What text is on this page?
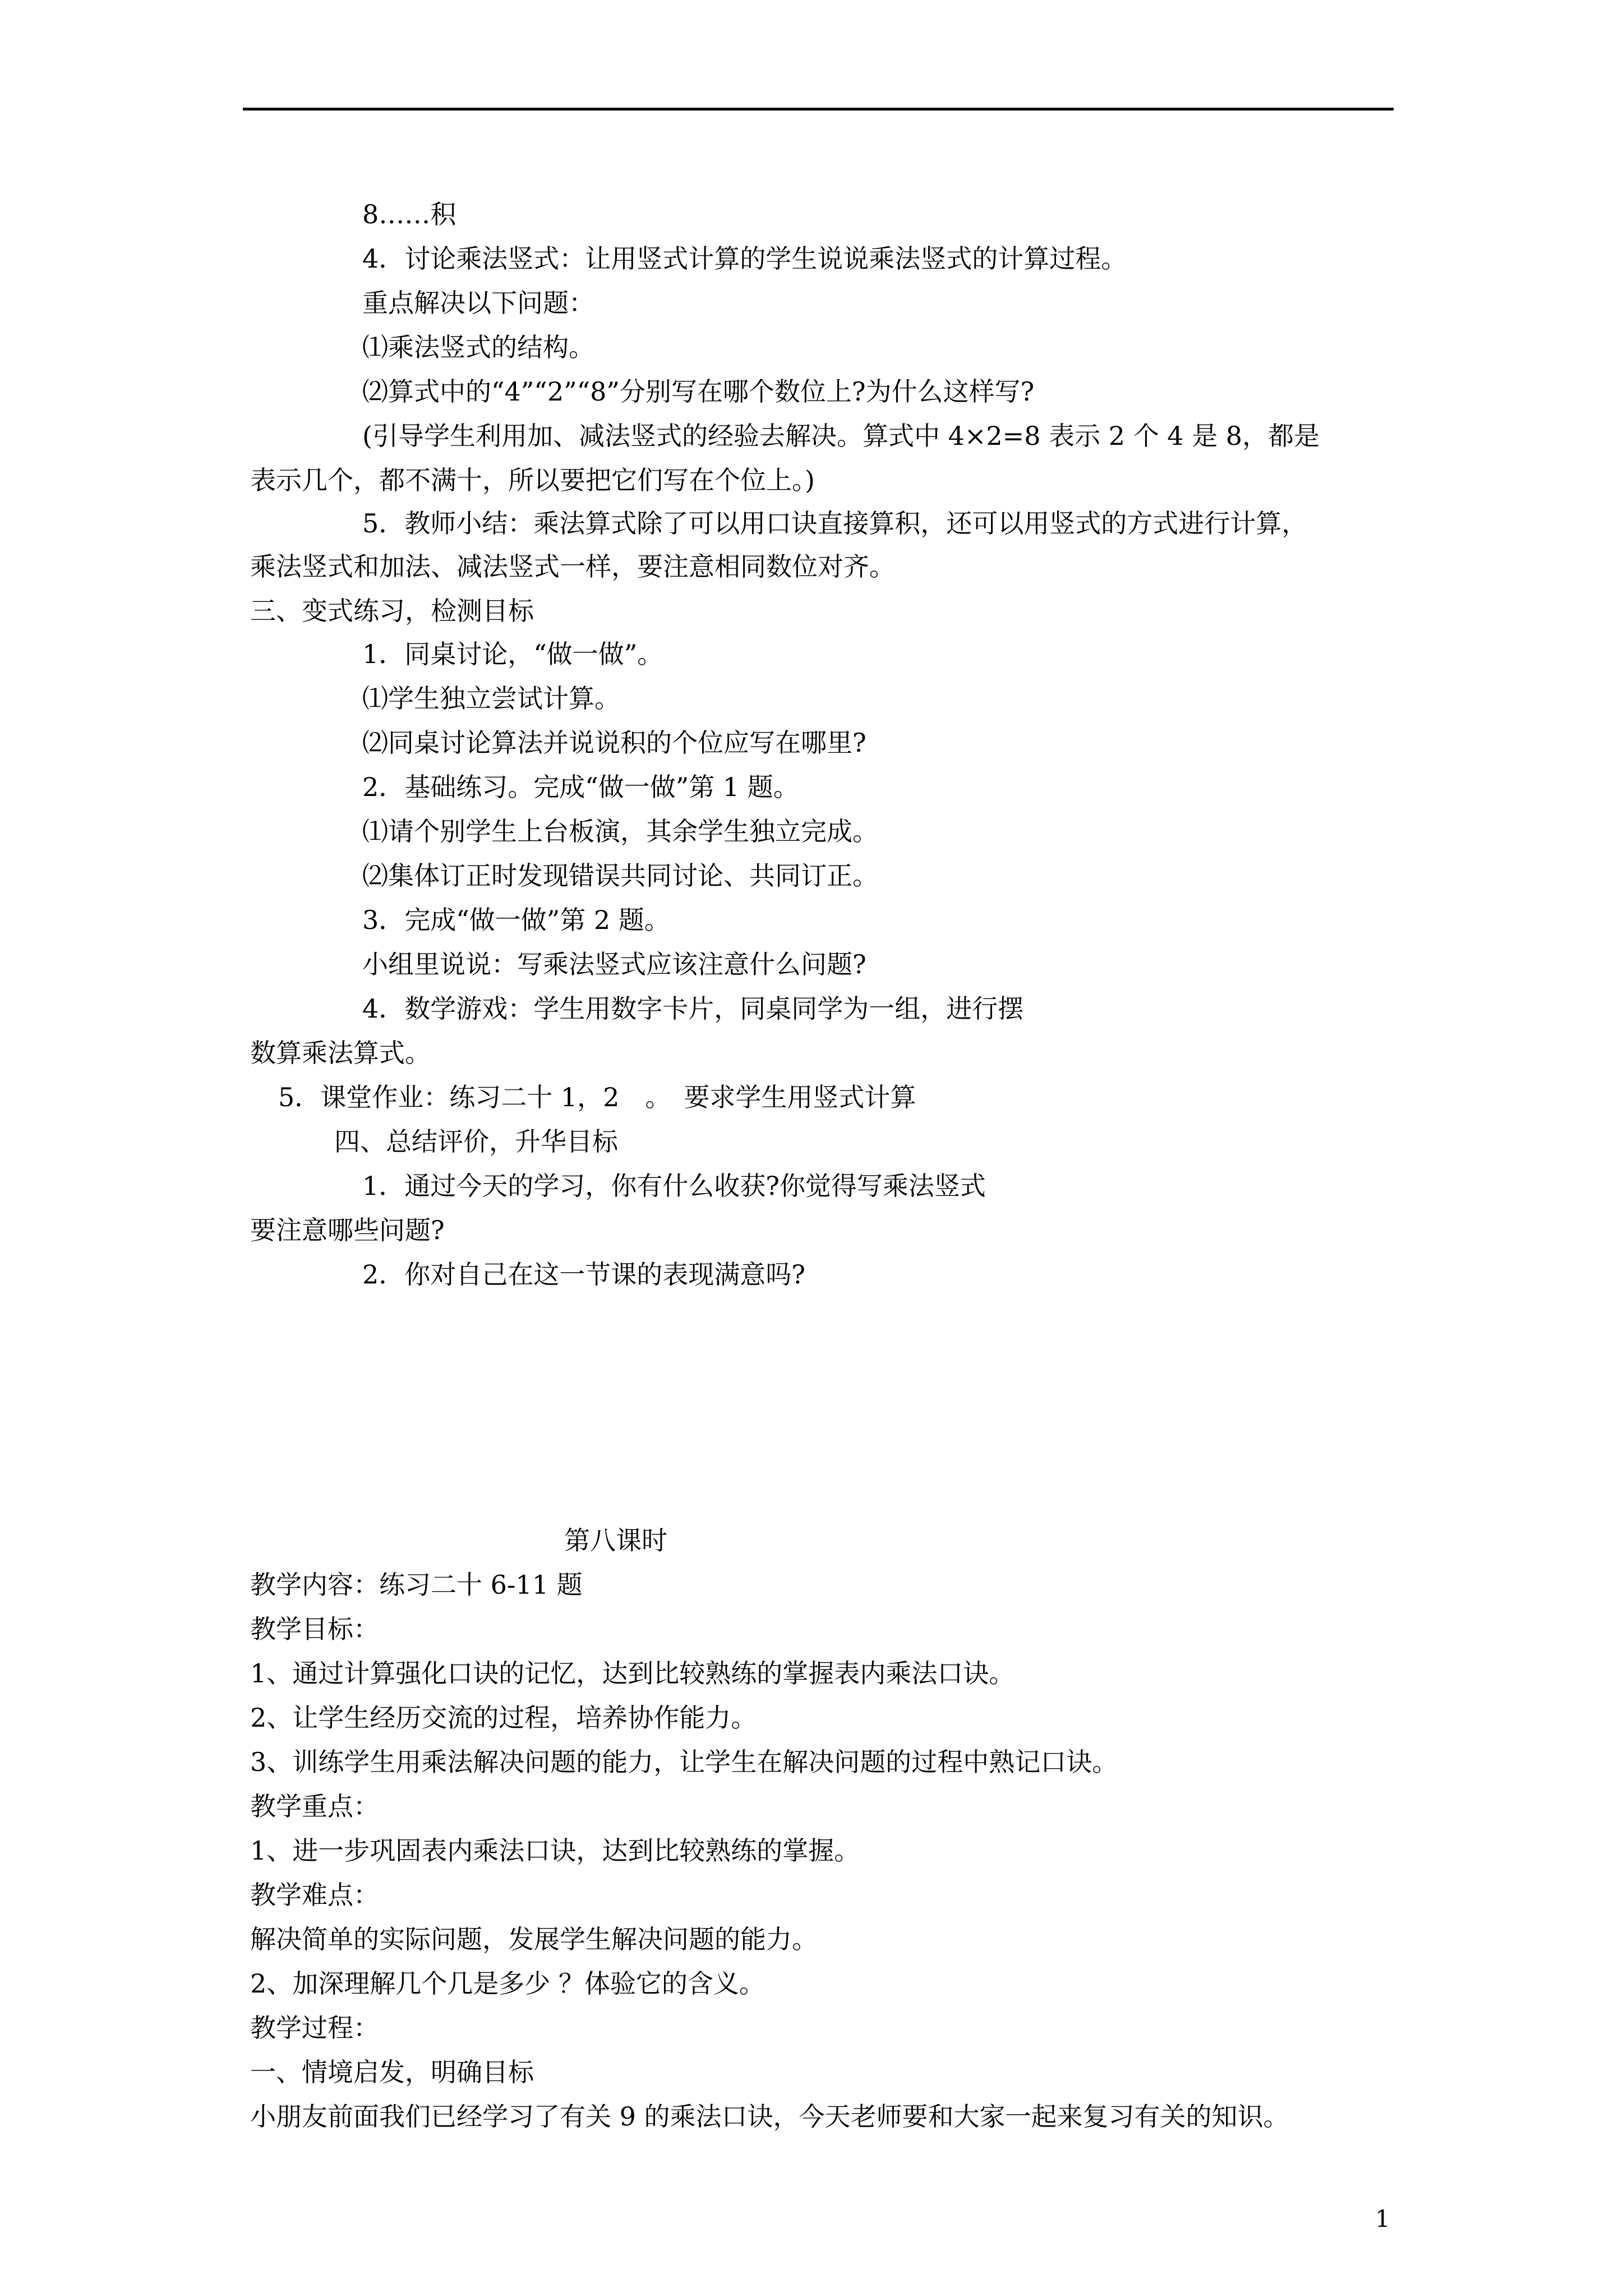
8……积
4．讨论乘法竖式：让用竖式计算的学生说说乘法竖式的计算过程。
重点解决以下问题：
⑴乘法竖式的结构。
⑵算式中的“4”“2”“8”分别写在哪个数位上?为什么这样写?
(引导学生利用加、减法竖式的经验去解决。算式中 4×2=8 表示 2 个 4 是 8，都是
表示几个，都不满十，所以要把它们写在个位上。)
5．教师小结：乘法算式除了可以用口诀直接算积，还可以用竖式的方式进行计算，
乘法竖式和加法、减法竖式一样，要注意相同数位对齐。
三、变式练习，检测目标
1．同桌讨论，“做一做”。
⑴学生独立尝试计算。
⑵同桌讨论算法并说说积的个位应写在哪里?
2．基础练习。完成“做一做”第 1 题。
⑴请个别学生上台板演，其余学生独立完成。
⑵集体订正时发现错误共同讨论、共同订正。
3．完成“做一做”第 2 题。
小组里说说：写乘法竖式应该注意什么问题?
4．数学游戏：学生用数字卡片，同桌同学为一组，进行摆
数算乘法算式。
5．课堂作业：练习二十 1，2　。　要求学生用竖式计算
四、总结评价，升华目标
1．通过今天的学习，你有什么收获?你觉得写乘法竖式
要注意哪些问题?
2．你对自己在这一节课的表现满意吗?
第八课时
教学内容：练习二十 6-11 题
教学目标：
1、通过计算强化口诀的记忆，达到比较熟练的掌握表内乘法口诀。
2、让学生经历交流的过程，培养协作能力。
3、训练学生用乘法解决问题的能力，让学生在解决问题的过程中熟记口诀。
教学重点：
1、进一步巩固表内乘法口诀，达到比较熟练的掌握。
教学难点：
解决简单的实际问题，发展学生解决问题的能力。
2、加深理解几个几是多少 ？体验它的含义。
教学过程：
一、情境启发，明确目标
小朋友前面我们已经学习了有关 9 的乘法口诀，今天老师要和大家一起来复习有关的知识。
1
